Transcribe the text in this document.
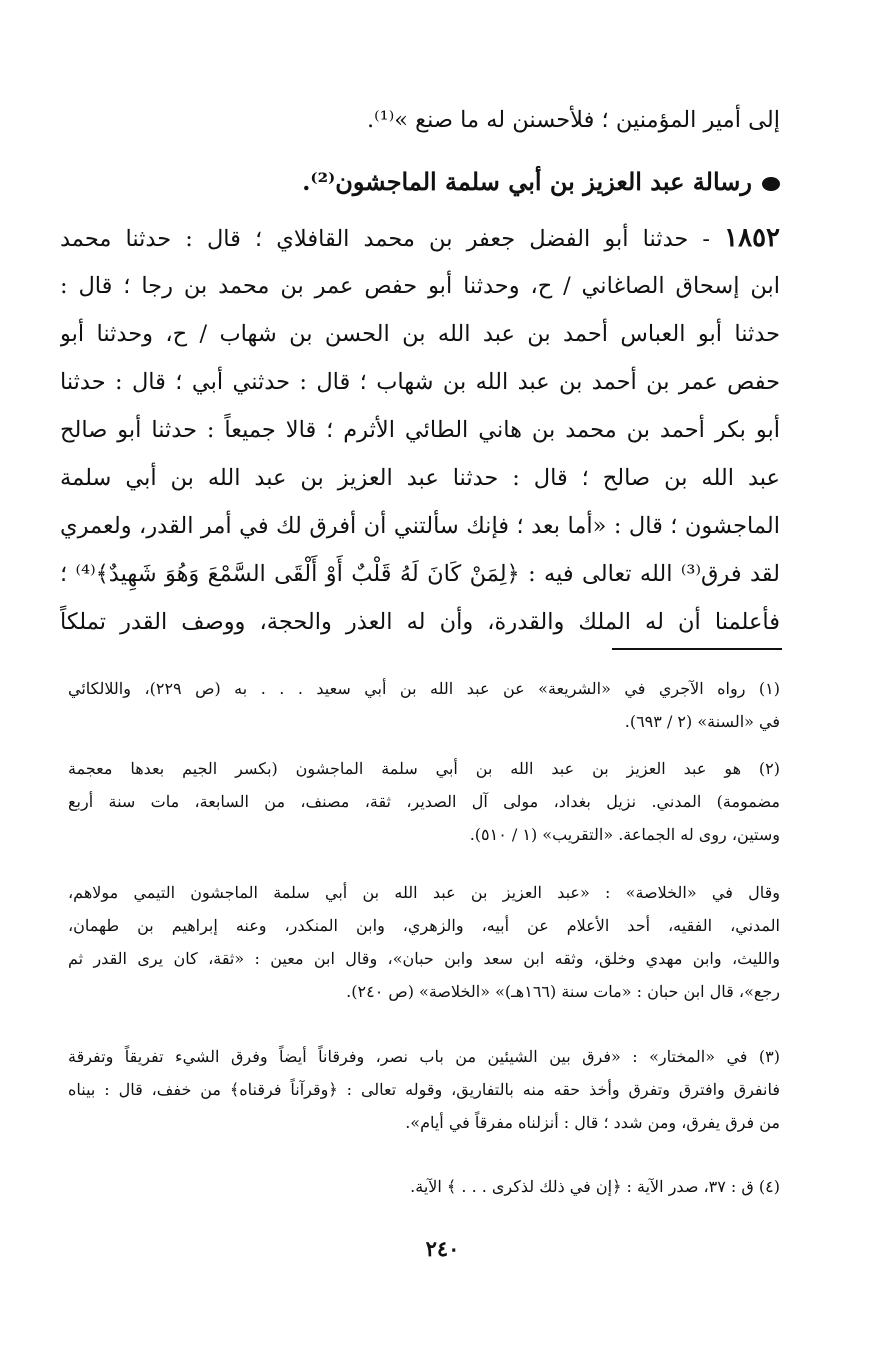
إلى أمير المؤمنين ؛ فلأحسنن له ما صنع »⁽¹⁾.
رسالة عبد العزيز بن أبي سلمة الماجشون⁽²⁾.
١٨٥٢ - حدثنا أبو الفضل جعفر بن محمد القافلاي ؛ قال : حدثنا محمد
ابن إسحاق الصاغاني / ح، وحدثنا أبو حفص عمر بن محمد بن رجا ؛ قال :
حدثنا أبو العباس أحمد بن عبد الله بن الحسن بن شهاب / ح، وحدثنا أبو
حفص عمر بن أحمد بن عبد الله بن شهاب ؛ قال : حدثني أبي ؛ قال : حدثنا
أبو بكر أحمد بن محمد بن هاني الطائي الأثرم ؛ قالا جميعاً : حدثنا أبو صالح
عبد الله بن صالح ؛ قال : حدثنا عبد العزيز بن عبد الله بن أبي سلمة
الماجشون ؛ قال : «أما بعد ؛ فإنك سألتني أن أفرق لك في أمر القدر، ولعمري
لقد فرق⁽³⁾ الله تعالى فيه : ﴿لِمَنْ كَانَ لَهُ قَلْبٌ أَوْ أَلْقَى السَّمْعَ وَهُوَ شَهِيدٌ﴾⁽⁴⁾ ؛
فأعلمنا أن له الملك والقدرة، وأن له العذر والحجة، ووصف القدر تملكاً
(١) رواه الآجري في «الشريعة» عن عبد الله بن أبي سعيد . . . به (ص ٢٢٩)، واللالكائي
في «السنة» (٢ / ٦٩٣).
(٢) هو عبد العزيز بن عبد الله بن أبي سلمة الماجشون (بكسر الجيم بعدها معجمة
مضمومة) المدني. نزيل بغداد، مولى آل الصدير، ثقة، مصنف، من السابعة، مات سنة أربع
وستين، روى له الجماعة. «التقريب» (١ / ٥١٠).
وقال في «الخلاصة» : «عبد العزيز بن عبد الله بن أبي سلمة الماجشون التيمي مولاهم،
المدني، الفقيه، أحد الأعلام عن أبيه، والزهري، وابن المنكدر، وعنه إبراهيم بن طهمان،
والليث، وابن مهدي وخلق، وثقه ابن سعد وابن حبان»، وقال ابن معين : «ثقة، كان يرى القدر ثم
رجع»، قال ابن حبان : «مات سنة (١٦٦هـ)» «الخلاصة» (ص ٢٤٠).
(٣) في «المختار» : «فرق بين الشيئين من باب نصر، وفرقاناً أيضاً وفرق الشيء تفريقاً وتفرقة
فانفرق وافترق وتفرق وأخذ حقه منه بالتفاريق، وقوله تعالى : ﴿وقرآناً فرقناه﴾ من خفف، قال : بيناه
من فرق يفرق، ومن شدد ؛ قال : أنزلناه مفرقاً في أيام».
(٤) ق : ٣٧، صدر الآية : ﴿إن في ذلك لذكرى . . . ﴾ الآية.
٢٤٠
